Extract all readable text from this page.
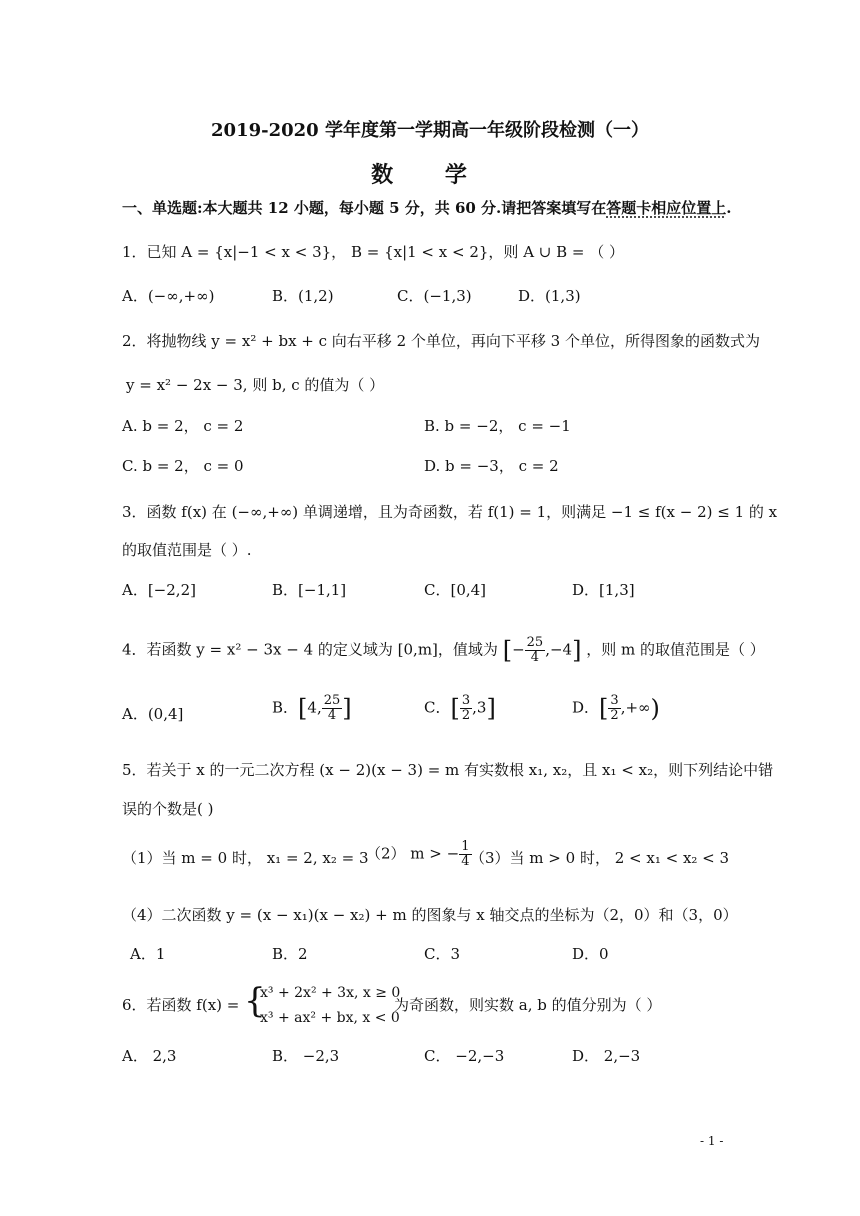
2019-2020 学年度第一学期高一年级阶段检测（一）
数 学
一、单选题:本大题共 12 小题，每小题 5 分，共 60 分.请把答案填写在答题卡相应位置上.
1．已知 A = {x|−1 < x < 3}， B = {x|1 < x < 2}，则 A ∪ B = （ ）
A．(−∞,+∞)	B．(1,2)	C．(−1,3)	D．(1,3)
2．将抛物线 y = x² + bx + c 向右平移 2 个单位，再向下平移 3 个单位，所得图象的函数式为
y = x² − 2x − 3, 则 b, c 的值为（ ）
A. b = 2， c = 2	B. b = −2， c = −1
C. b = 2， c = 0	D. b = −3， c = 2
3．函数 f(x) 在 (−∞,+∞) 单调递增，且为奇函数，若 f(1) = 1，则满足 −1 ≤ f(x − 2) ≤ 1 的 x
的取值范围是（ ）.
A．[−2,2]	B．[−1,1]	C．[0,4]	D．[1,3]
4．若函数 y = x² − 3x − 4 的定义域为 [0,m]，值域为 [− $\frac{25}{4} ,-4$] ，则 m 的取值范围是（ ）
A．(0,4]	B．[4, $\frac{25}{4}$ ]	C．[ $\frac{3}{2} ,3$]	D．[ $\frac{3}{2}$ ,+∞)
5．若关于 x 的一元二次方程 (x − 2)(x − 3) = m 有实数根 x₁, x₂，且 x₁ < x₂，则下列结论中错
误的个数是( )
（1）当 m = 0 时， x₁ = 2, x₂ = 3
（2） m > − $\frac{1}{4}$
（3）当 m > 0 时， 2 < x₁ < x₂ < 3
（4）二次函数 y = (x − x₁)(x − x₂) + m 的图象与 x 轴交点的坐标为（2，0）和（3，0）
A．1	B．2	C．3	D．0
6．若函数 f(x) = {
x³ + 2x² + 3x, x ≥ 0
x³ + ax² + bx, x < 0
为奇函数，则实数 a, b 的值分别为（ ）
A． 2,3	B． −2,3	C． −2,−3	D． 2,−3
- 1 -
